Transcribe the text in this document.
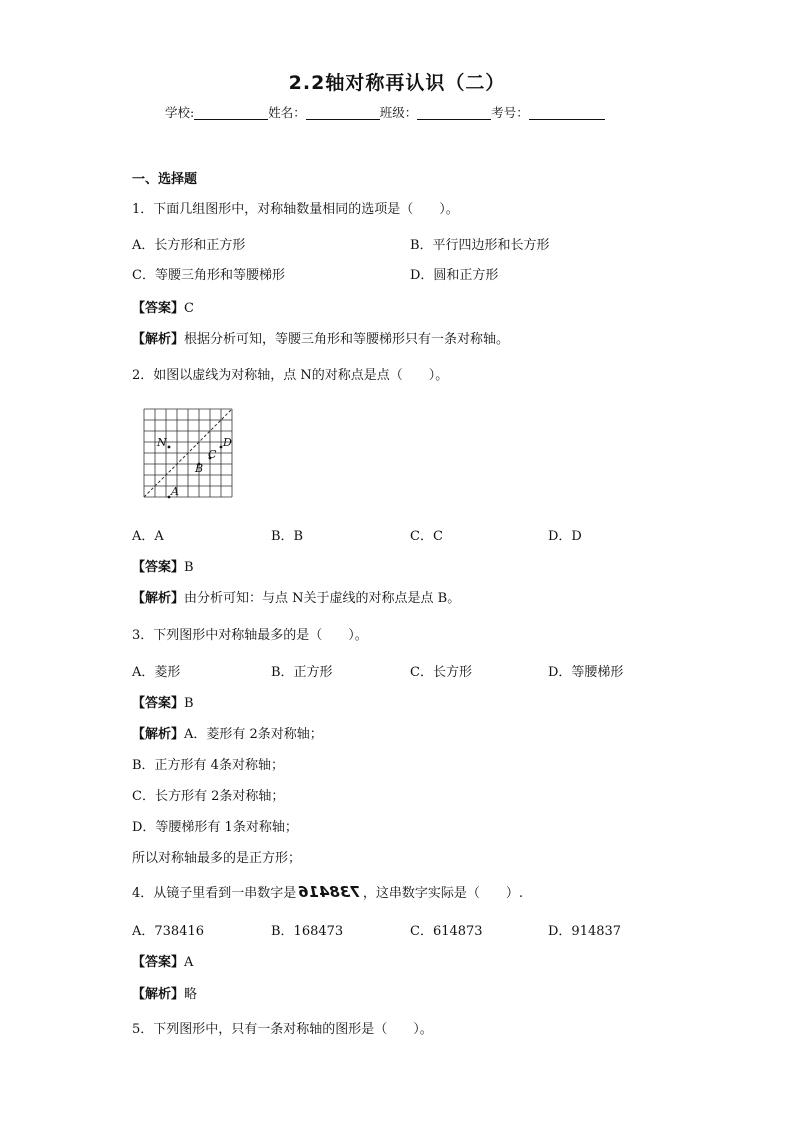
2.2轴对称再认识（二）
学校:	姓名：	班级：	考号：
一、选择题
1．下面几组图形中，对称轴数量相同的选项是（　　）。
A．长方形和正方形	B．平行四边形和长方形
C．等腰三角形和等腰梯形	D．圆和正方形
【答案】C
【解析】根据分析可知，等腰三角形和等腰梯形只有一条对称轴。
2．如图以虚线为对称轴，点 N的对称点是点（　　）。
N	D
C
B
A
A．A	B．B	C．C	D．D
【答案】B
【解析】由分析可知：与点 N关于虚线的对称点是点 B。
3．下列图形中对称轴最多的是（　　）。
A．菱形	B．正方形	C．长方形	D．等腰梯形
【答案】B
【解析】A．菱形有 2条对称轴；
B．正方形有 4条对称轴；
C．长方形有 2条对称轴；
D．等腰梯形有 1条对称轴；
所以对称轴最多的是正方形；
4．从镜子里看到一串数字是 738416 ，这串数字实际是（　　）.
A．738416	B．168473	C．614873	D．914837
【答案】A
【解析】略
5．下列图形中，只有一条对称轴的图形是（　　）。
